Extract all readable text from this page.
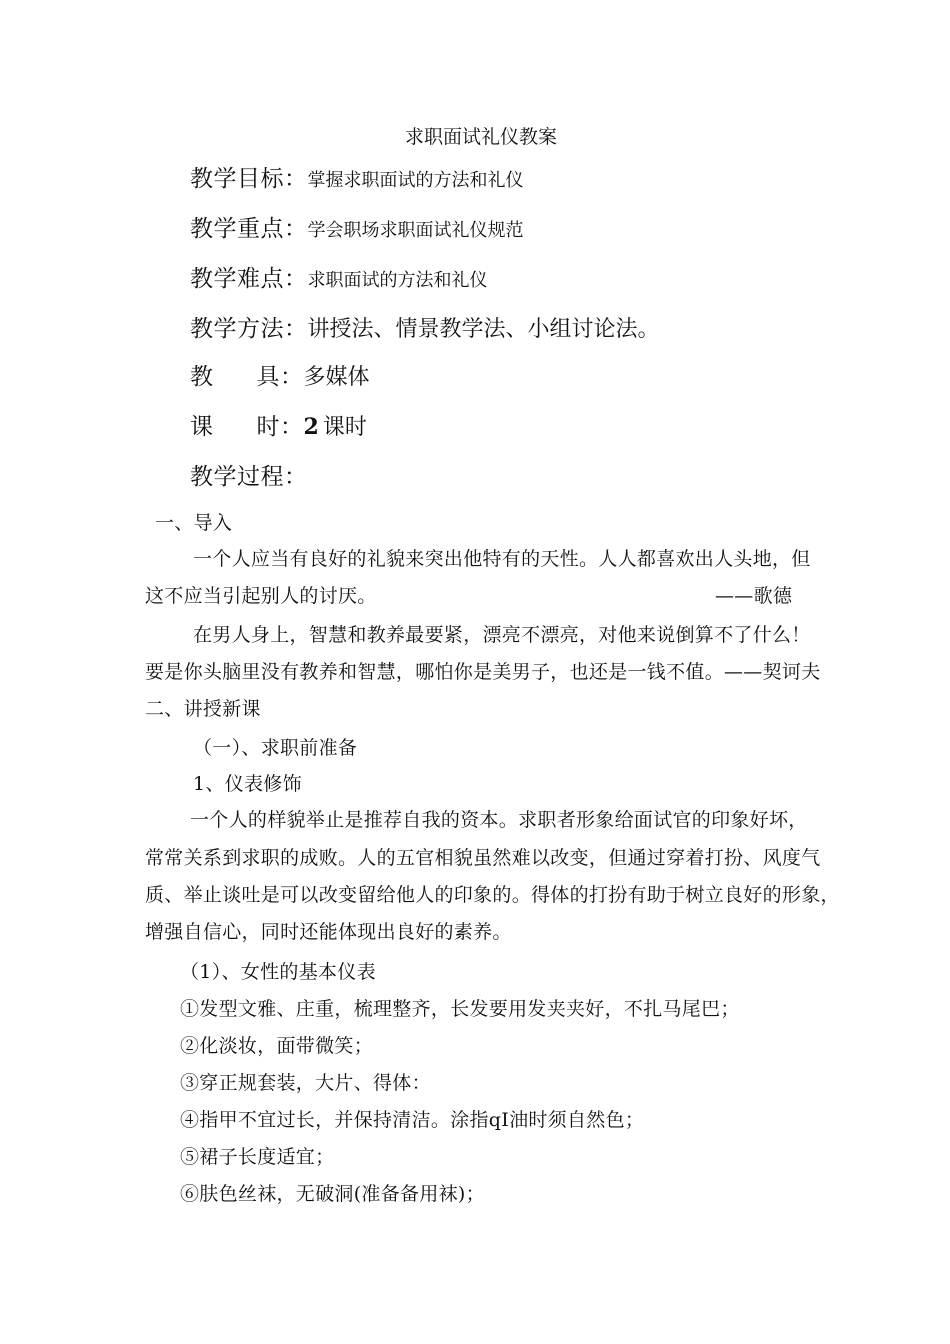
求职面试礼仪教案
教学目标：掌握求职面试的方法和礼仪
教学重点：学会职场求职面试礼仪规范
教学难点：求职面试的方法和礼仪
教学方法：讲授法、情景教学法、小组讨论法。
教 具：多媒体
课 时：2 课时
教学过程：
一、导入
一个人应当有良好的礼貌来突出他特有的天性。人人都喜欢出人头地，但
这不应当引起别人的讨厌。	——歌德
在男人身上，智慧和教养最要紧，漂亮不漂亮，对他来说倒算不了什么！
要是你头脑里没有教养和智慧，哪怕你是美男子，也还是一钱不值。——契诃夫
二、讲授新课
（一）、求职前准备
1、仪表修饰
一个人的样貌举止是推荐自我的资本。求职者形象给面试官的印象好坏，
常常关系到求职的成败。人的五官相貌虽然难以改变，但通过穿着打扮、风度气
质、举止谈吐是可以改变留给他人的印象的。得体的打扮有助于树立良好的形象，
增强自信心，同时还能体现出良好的素养。
（1）、女性的基本仪表
①发型文雅、庄重，梳理整齐，长发要用发夹夹好，不扎马尾巴；
②化淡妆，面带微笑；
③穿正规套装，大片、得体：
④指甲不宜过长，并保持清洁。涂指qI油时须自然色；
⑤裙子长度适宜；
⑥肤色丝袜，无破洞(准备备用袜)；
